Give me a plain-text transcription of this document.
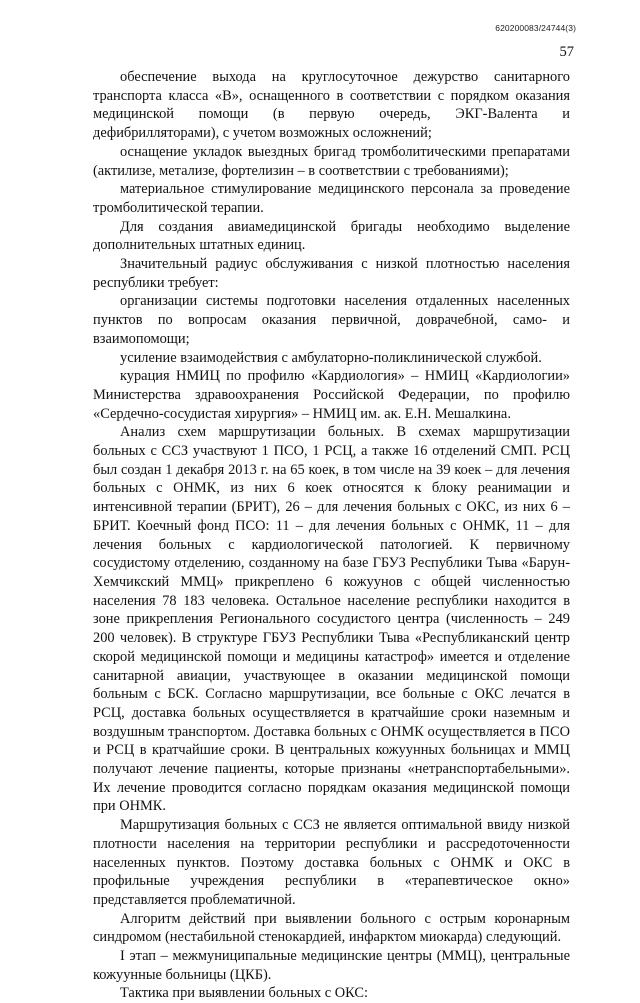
620200083/24744(3)
57

обеспечение выхода на круглосуточное дежурство санитарного транспорта класса «В», оснащенного в соответствии с порядком оказания медицинской помощи (в первую очередь, ЭКГ-Валента и дефибрилляторами), с учетом возможных осложнений;

оснащение укладок выездных бригад тромболитическими препаратами (актилизе, метализе, фортелизин – в соответствии с требованиями);

материальное стимулирование медицинского персонала за проведение тромболитической терапии.

Для создания авиамедицинской бригады необходимо выделение дополнительных штатных единиц.

Значительный радиус обслуживания с низкой плотностью населения республики требует:

организации системы подготовки населения отдаленных населенных пунктов по вопросам оказания первичной, доврачебной, само- и взаимопомощи;

усиление взаимодействия с амбулаторно-поликлинической службой.

курация НМИЦ по профилю «Кардиология» – НМИЦ «Кардиологии» Министерства здравоохранения Российской Федерации, по профилю «Сердечно-сосудистая хирургия» – НМИЦ им. ак. Е.Н. Мешалкина.

Анализ схем маршрутизации больных. В схемах маршрутизации больных с ССЗ участвуют 1 ПСО, 1 РСЦ, а также 16 отделений СМП. РСЦ был создан 1 декабря 2013 г. на 65 коек, в том числе на 39 коек – для лечения больных с ОНМК, из них 6 коек относятся к блоку реанимации и интенсивной терапии (БРИТ), 26 – для лечения больных с ОКС, из них 6 – БРИТ. Коечный фонд ПСО: 11 – для лечения больных с ОНМК, 11 – для лечения больных с кардиологической патологией. К первичному сосудистому отделению, созданному на базе ГБУЗ Республики Тыва «Барун-Хемчикский ММЦ» прикреплено 6 кожуунов с общей численностью населения 78 183 человека. Остальное население республики находится в зоне прикрепления Регионального сосудистого центра (численность – 249 200 человек). В структуре ГБУЗ Республики Тыва «Республиканский центр скорой медицинской помощи и медицины катастроф» имеется и отделение санитарной авиации, участвующее в оказании медицинской помощи больным с БСК. Согласно маршрутизации, все больные с ОКС лечатся в РСЦ, доставка больных осуществляется в кратчайшие сроки наземным и воздушным транспортом. Доставка больных с ОНМК осуществляется в ПСО и РСЦ в кратчайшие сроки. В центральных кожуунных больницах и ММЦ получают лечение пациенты, которые признаны «нетранспортабельными». Их лечение проводится согласно порядкам оказания медицинской помощи при ОНМК.

Маршрутизация больных с ССЗ не является оптимальной ввиду низкой плотности населения на территории республики и рассредоточенности населенных пунктов. Поэтому доставка больных с ОНМК и ОКС в профильные учреждения республики в «терапевтическое окно» представляется проблематичной.

Алгоритм действий при выявлении больного с острым коронарным синдромом (нестабильной стенокардией, инфарктом миокарда) следующий.

I этап – межмуниципальные медицинские центры (ММЦ), центральные кожуунные больницы (ЦКБ).

Тактика при выявлении больных с ОКС:
